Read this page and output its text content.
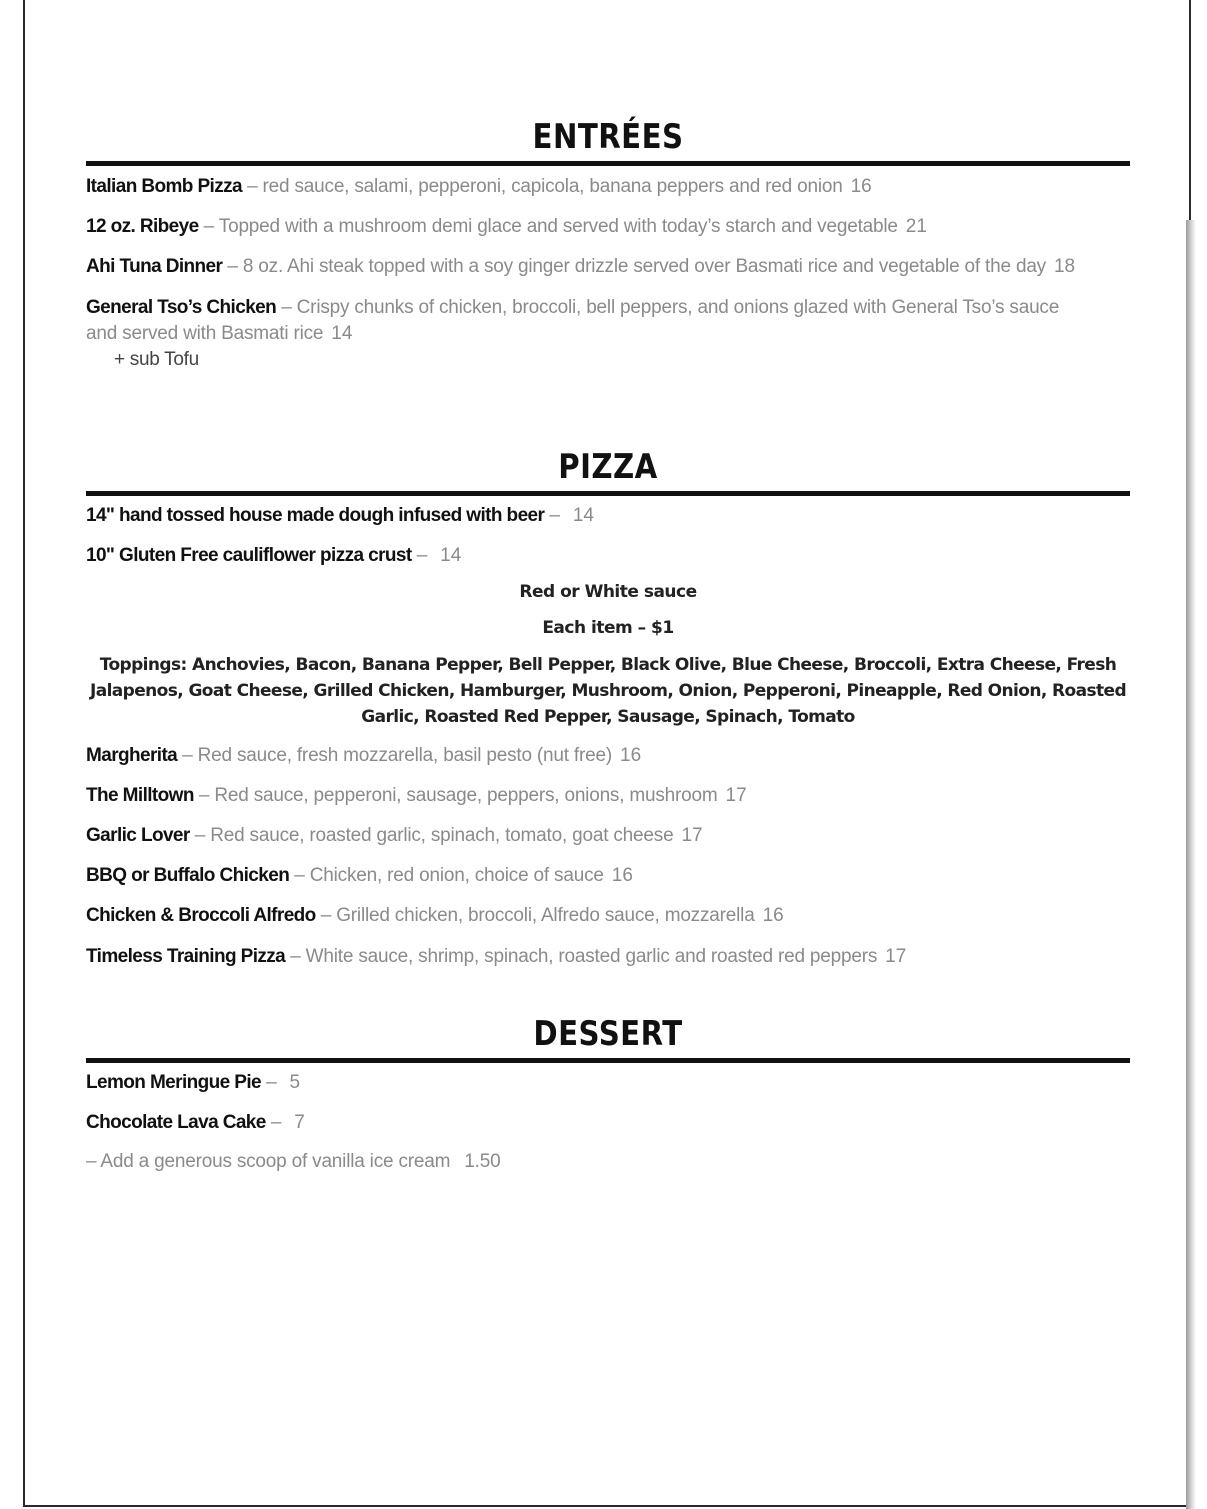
ENTRÉES
Italian Bomb Pizza – red sauce, salami, pepperoni, capicola, banana peppers and red onion 16
12 oz. Ribeye – Topped with a mushroom demi glace and served with today’s starch and vegetable 21
Ahi Tuna Dinner – 8 oz. Ahi steak topped with a soy ginger drizzle served over Basmati rice and vegetable of the day 18
General Tso’s Chicken – Crispy chunks of chicken, broccoli, bell peppers, and onions glazed with General Tso’s sauce and served with Basmati rice 14
+ sub Tofu
PIZZA
14" hand tossed house made dough infused with beer – 14
10" Gluten Free cauliflower pizza crust – 14
Red or White sauce
Each item – $1
Toppings: Anchovies, Bacon, Banana Pepper, Bell Pepper, Black Olive, Blue Cheese, Broccoli, Extra Cheese, Fresh Jalapenos, Goat Cheese, Grilled Chicken, Hamburger, Mushroom, Onion, Pepperoni, Pineapple, Red Onion, Roasted Garlic, Roasted Red Pepper, Sausage, Spinach, Tomato
Margherita – Red sauce, fresh mozzarella, basil pesto (nut free) 16
The Milltown – Red sauce, pepperoni, sausage, peppers, onions, mushroom 17
Garlic Lover – Red sauce, roasted garlic, spinach, tomato, goat cheese 17
BBQ or Buffalo Chicken – Chicken, red onion, choice of sauce 16
Chicken & Broccoli Alfredo – Grilled chicken, broccoli, Alfredo sauce, mozzarella 16
Timeless Training Pizza – White sauce, shrimp, spinach, roasted garlic and roasted red peppers 17
DESSERT
Lemon Meringue Pie – 5
Chocolate Lava Cake – 7
– Add a generous scoop of vanilla ice cream 1.50
